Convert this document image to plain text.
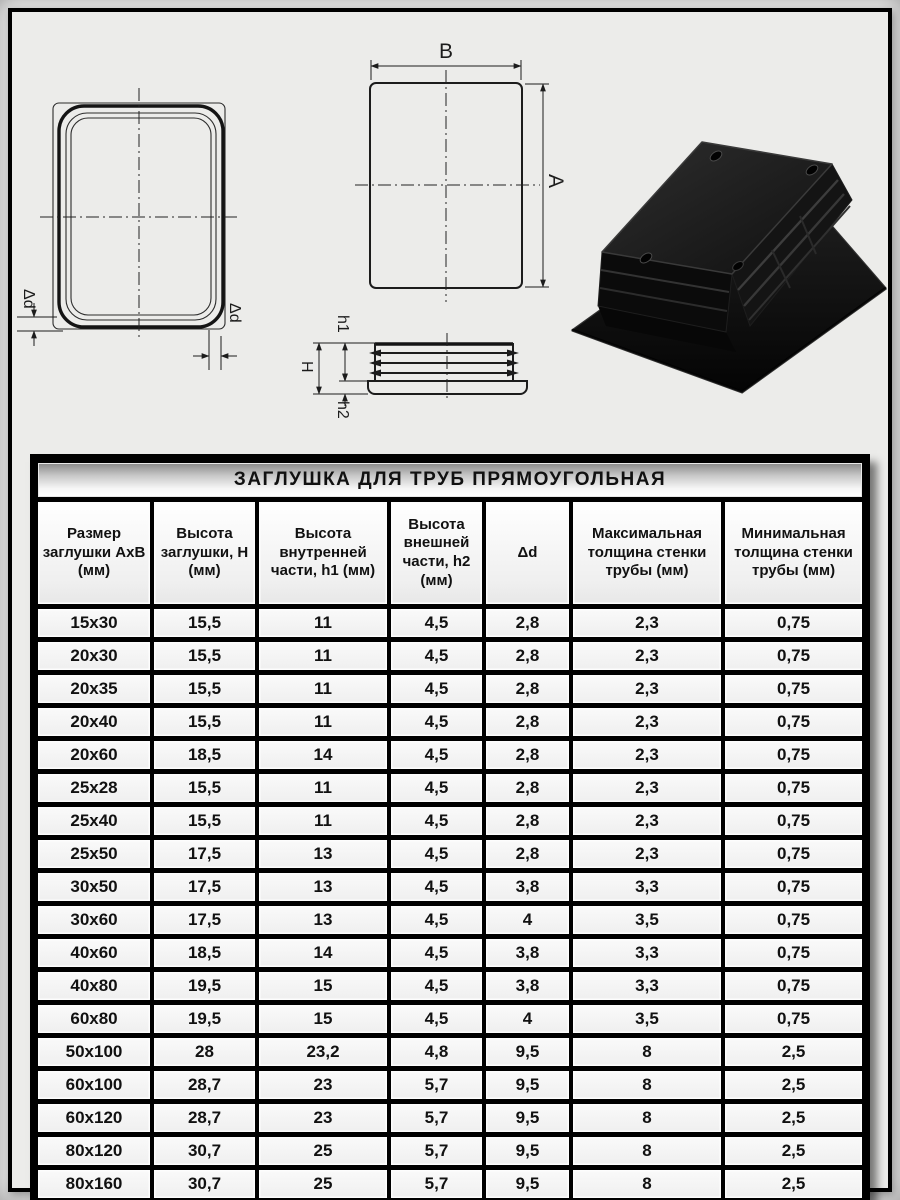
Δd
Δd
B
A
H
h1
h2
ЗАГЛУШКА ДЛЯ ТРУБ ПРЯМОУГОЛЬНАЯ						
Размер заглушки АхВ (мм)	Высота заглушки, Н (мм)	Высота внутренней части, h1 (мм)	Высота внешней части, h2 (мм)	Δd	Максимальная толщина стенки трубы (мм)	Минимальная толщина стенки трубы (мм)
15x30	15,5	11	4,5	2,8	2,3	0,75
20x30	15,5	11	4,5	2,8	2,3	0,75
20x35	15,5	11	4,5	2,8	2,3	0,75
20x40	15,5	11	4,5	2,8	2,3	0,75
20x60	18,5	14	4,5	2,8	2,3	0,75
25x28	15,5	11	4,5	2,8	2,3	0,75
25x40	15,5	11	4,5	2,8	2,3	0,75
25x50	17,5	13	4,5	2,8	2,3	0,75
30x50	17,5	13	4,5	3,8	3,3	0,75
30x60	17,5	13	4,5	4	3,5	0,75
40x60	18,5	14	4,5	3,8	3,3	0,75
40x80	19,5	15	4,5	3,8	3,3	0,75
60x80	19,5	15	4,5	4	3,5	0,75
50x100	28	23,2	4,8	9,5	8	2,5
60x100	28,7	23	5,7	9,5	8	2,5
60x120	28,7	23	5,7	9,5	8	2,5
80x120	30,7	25	5,7	9,5	8	2,5
80x160	30,7	25	5,7	9,5	8	2,5
